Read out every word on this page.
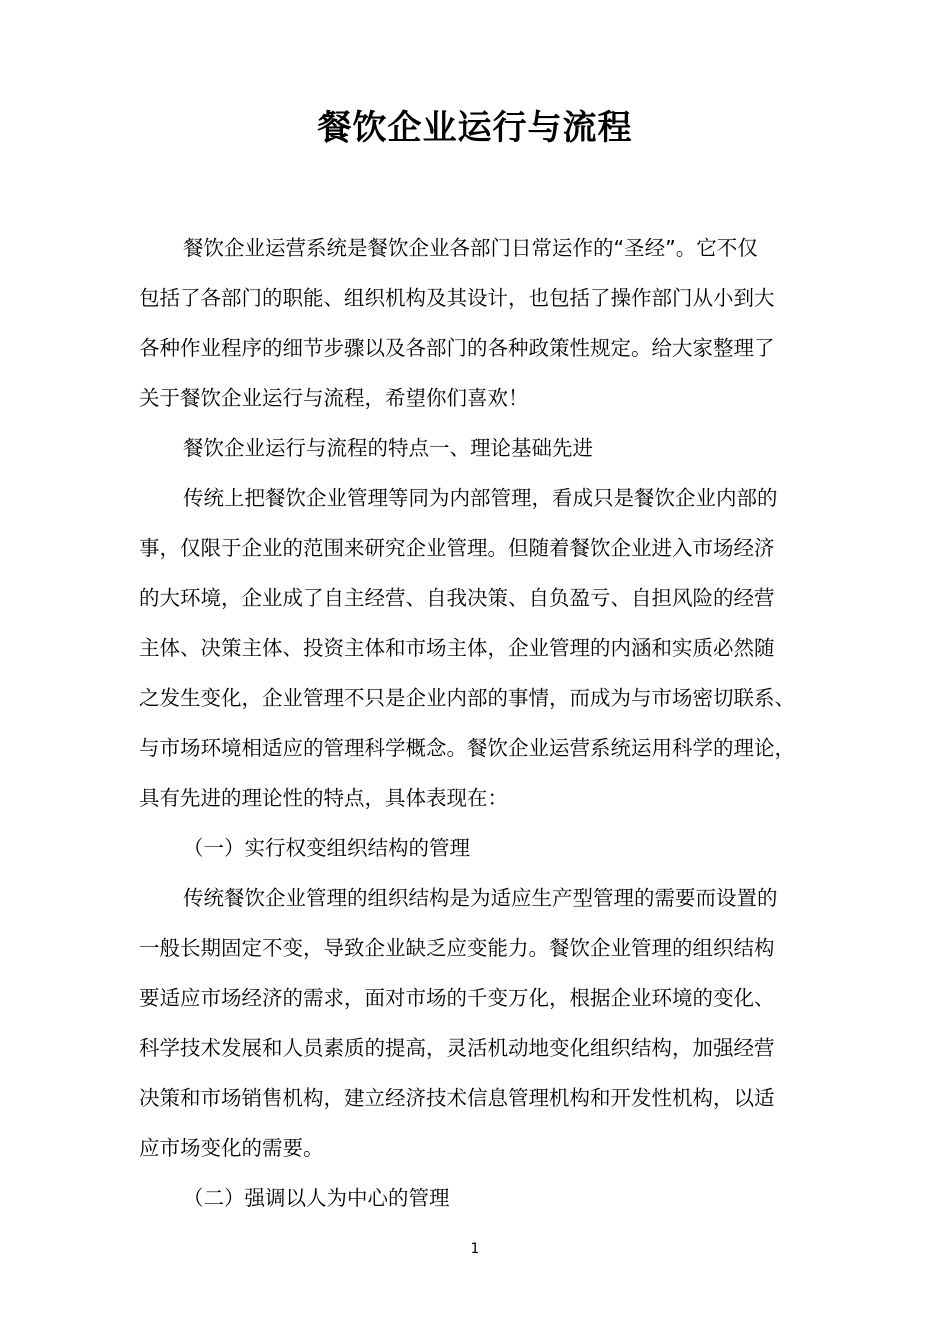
餐饮企业运行与流程
餐饮企业运营系统是餐饮企业各部门日常运作的“圣经”。它不仅
包括了各部门的职能、组织机构及其设计，也包括了操作部门从小到大
各种作业程序的细节步骤以及各部门的各种政策性规定。给大家整理了
关于餐饮企业运行与流程，希望你们喜欢！
餐饮企业运行与流程的特点一、理论基础先进
传统上把餐饮企业管理等同为内部管理，看成只是餐饮企业内部的
事，仅限于企业的范围来研究企业管理。但随着餐饮企业进入市场经济
的大环境，企业成了自主经营、自我决策、自负盈亏、自担风险的经营
主体、决策主体、投资主体和市场主体，企业管理的内涵和实质必然随
之发生变化，企业管理不只是企业内部的事情，而成为与市场密切联系、
与市场环境相适应的管理科学概念。餐饮企业运营系统运用科学的理论，
具有先进的理论性的特点，具体表现在：
（一）实行权变组织结构的管理
传统餐饮企业管理的组织结构是为适应生产型管理的需要而设置的
一般长期固定不变，导致企业缺乏应变能力。餐饮企业管理的组织结构
要适应市场经济的需求，面对市场的千变万化，根据企业环境的变化、
科学技术发展和人员素质的提高，灵活机动地变化组织结构，加强经营
决策和市场销售机构，建立经济技术信息管理机构和开发性机构，以适
应市场变化的需要。
（二）强调以人为中心的管理
1
